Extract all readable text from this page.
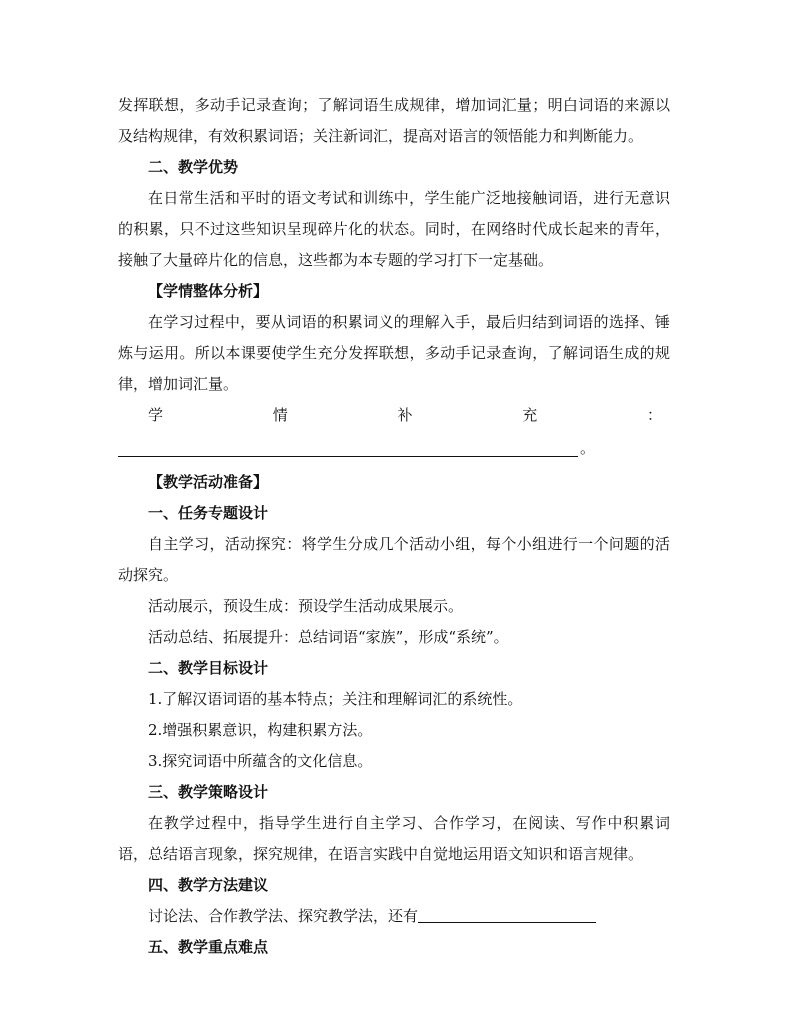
发挥联想，多动手记录查询；了解词语生成规律，增加词汇量；明白词语的来源以及结构规律，有效积累词语；关注新词汇，提高对语言的领悟能力和判断能力。

二、教学优势

在日常生活和平时的语文考试和训练中，学生能广泛地接触词语，进行无意识的积累，只不过这些知识呈现碎片化的状态。同时，在网络时代成长起来的青年，接触了大量碎片化的信息，这些都为本专题的学习打下一定基础。

【学情整体分析】

在学习过程中，要从词语的积累词义的理解入手，最后归结到词语的选择、锤炼与运用。所以本课要使学生充分发挥联想，多动手记录查询，了解词语生成的规律，增加词汇量。

学	情	补	充	：
。

【教学活动准备】

一、任务专题设计

自主学习，活动探究：将学生分成几个活动小组，每个小组进行一个问题的活动探究。

活动展示，预设生成：预设学生活动成果展示。

活动总结、拓展提升：总结词语“家族”，形成“系统”。

二、教学目标设计

1.了解汉语词语的基本特点；关注和理解词汇的系统性。

2.增强积累意识，构建积累方法。

3.探究词语中所蕴含的文化信息。

三、教学策略设计

在教学过程中，指导学生进行自主学习、合作学习，在阅读、写作中积累词语，总结语言现象，探究规律，在语言实践中自觉地运用语文知识和语言规律。

四、教学方法建议

讨论法、合作教学法、探究教学法，还有

五、教学重点难点
